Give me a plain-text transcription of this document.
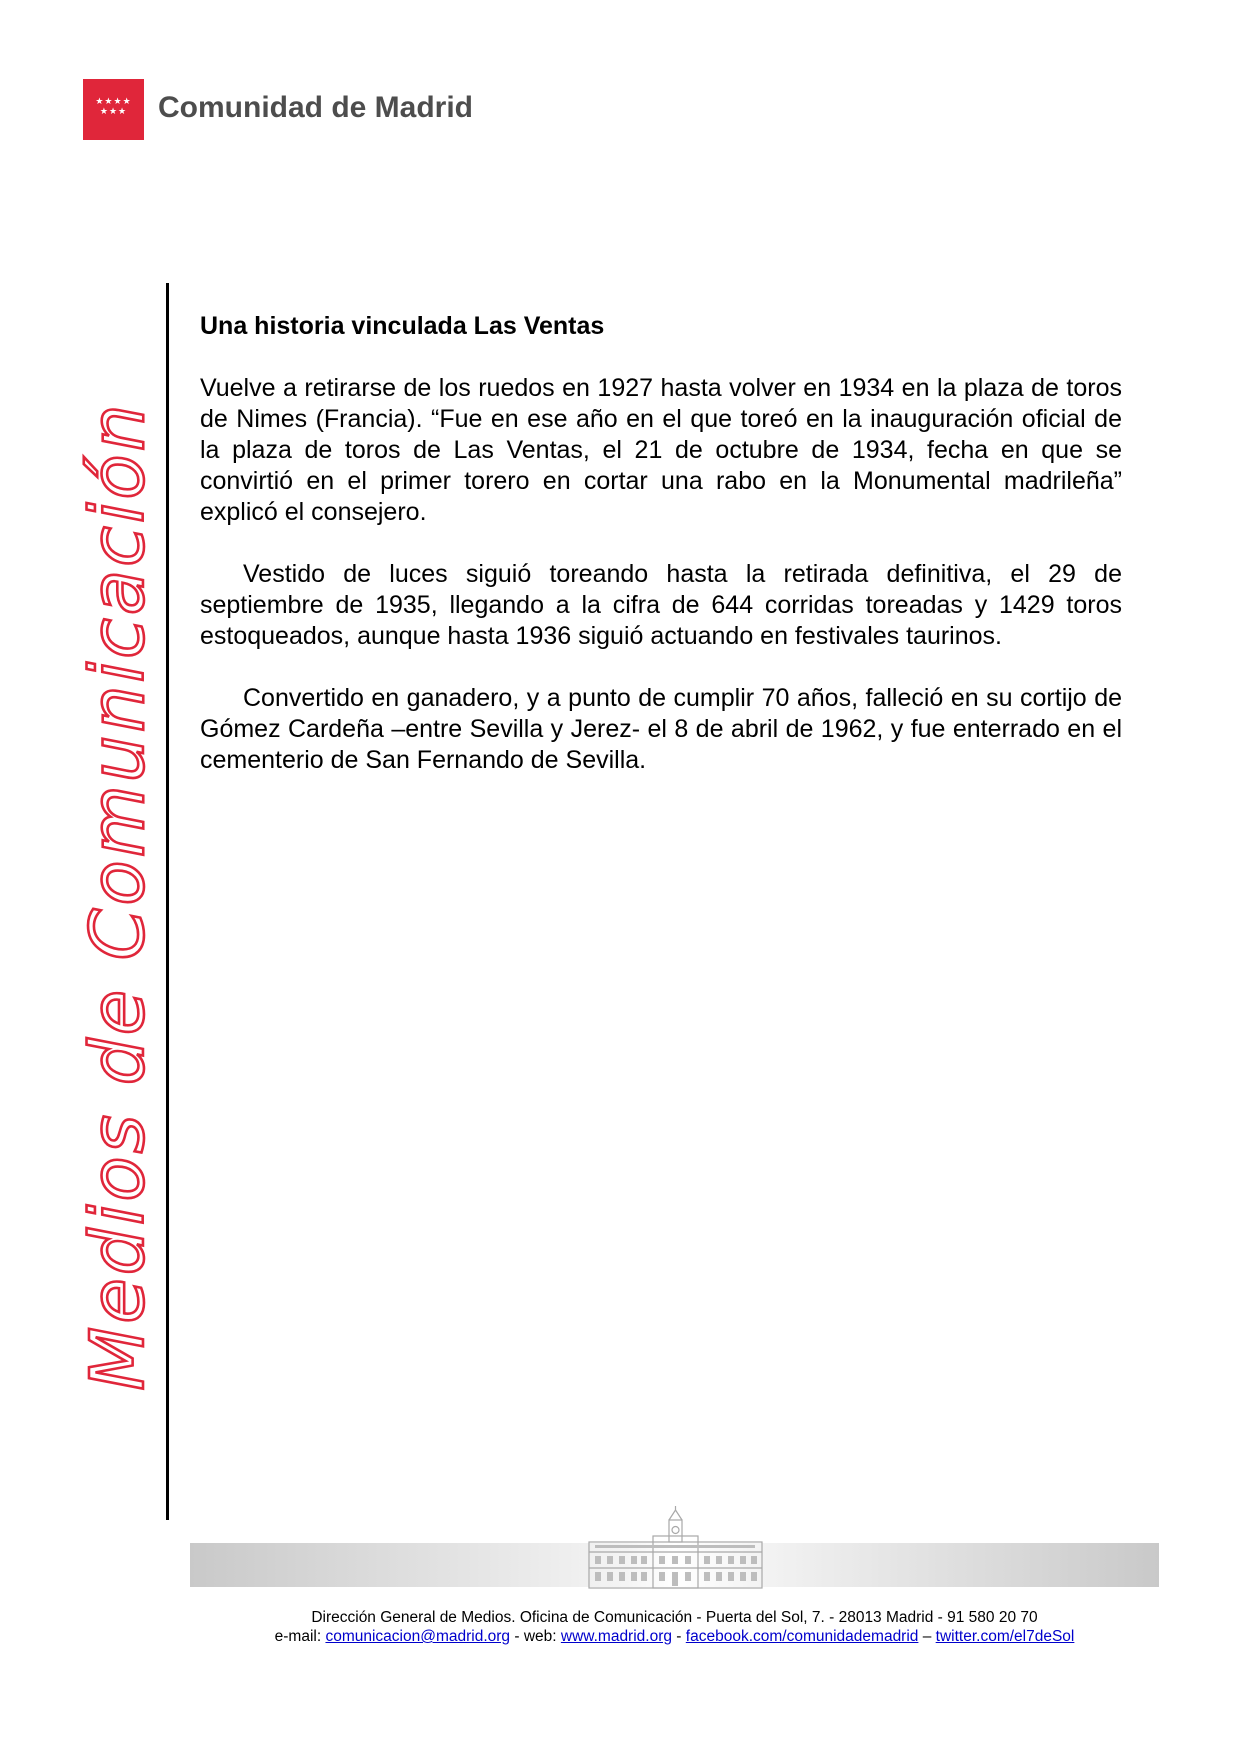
★★★★
★★★ Comunidad de Madrid
Medios de Comunicación
Una historia vinculada Las Ventas

Vuelve a retirarse de los ruedos en 1927 hasta volver en 1934 en la plaza de toros de Nimes (Francia). “Fue en ese año en el que toreó en la inauguración oficial de la plaza de toros de Las Ventas, el 21 de octubre de 1934, fecha en que se convirtió en el primer torero en cortar una rabo en la Monumental madrileña” explicó el consejero.

Vestido de luces siguió toreando hasta la retirada definitiva, el 29 de septiembre de 1935, llegando a la cifra de 644 corridas toreadas y 1429 toros estoqueados, aunque hasta 1936 siguió actuando en festivales taurinos.

Convertido en ganadero, y a punto de cumplir 70 años, falleció en su cortijo de Gómez Cardeña –entre Sevilla y Jerez- el 8 de abril de 1962, y fue enterrado en el cementerio de San Fernando de Sevilla.

Dirección General de Medios. Oficina de Comunicación - Puerta del Sol, 7. - 28013 Madrid - 91 580 20 70
e-mail: comunicacion@madrid.org - web: www.madrid.org - facebook.com/comunidademadrid – twitter.com/el7deSol
